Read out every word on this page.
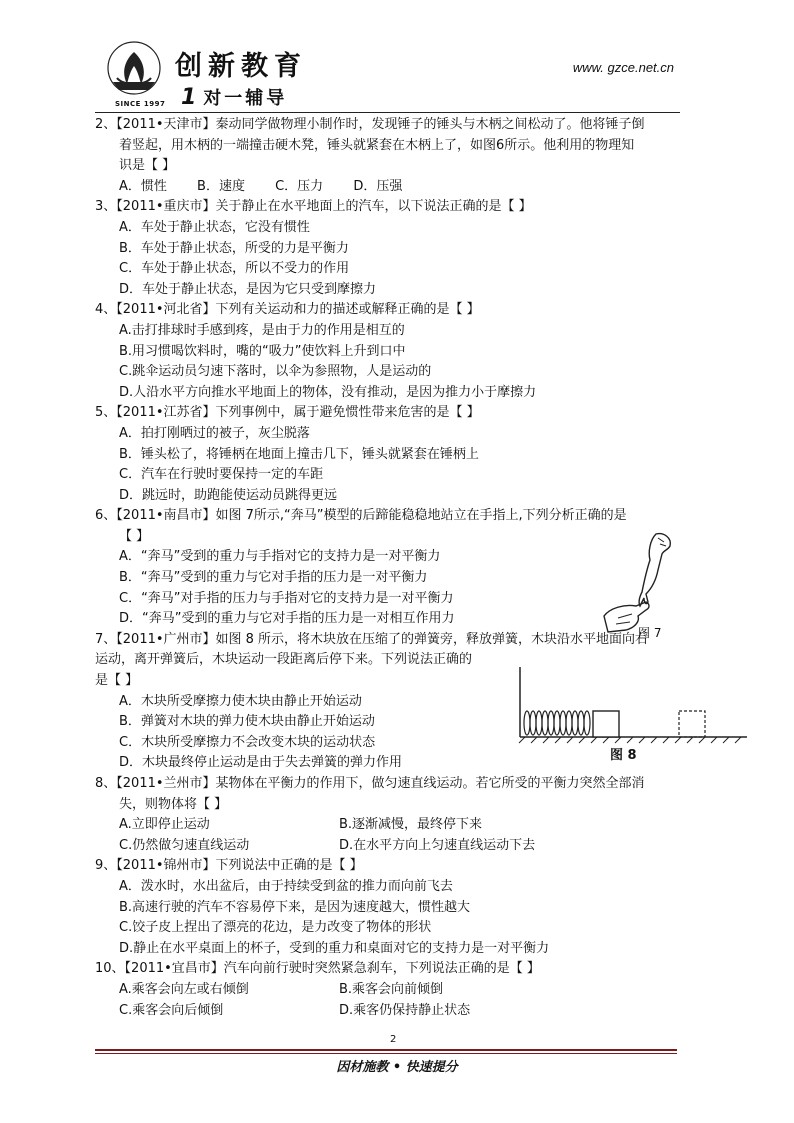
SINCE 1997
创新教育
1 对一辅导
www. gzce.net.cn
2、【2011•天津市】秦动同学做物理小制作时，发现锤子的锤头与木柄之间松动了。他将锤子倒
着竖起，用木柄的一端撞击硬木凳，锤头就紧套在木柄上了，如图6所示。他利用的物理知
识是【 】
A．惯性 B．速度 C．压力 D．压强
3、【2011•重庆市】关于静止在水平地面上的汽车，以下说法正确的是【 】
A．车处于静止状态，它没有惯性
B．车处于静止状态，所受的力是平衡力
C．车处于静止状态，所以不受力的作用
D．车处于静止状态，是因为它只受到摩擦力
4、【2011•河北省】下列有关运动和力的描述或解释正确的是【 】
A.击打排球时手感到疼，是由于力的作用是相互的
B.用习惯喝饮料时，嘴的“吸力”使饮料上升到口中
C.跳伞运动员匀速下落时，以伞为参照物，人是运动的
D.人沿水平方向推水平地面上的物体，没有推动，是因为推力小于摩擦力
5、【2011•江苏省】下列事例中，属于避免惯性带来危害的是【 】
A．拍打刚晒过的被子，灰尘脱落
B．锤头松了，将锤柄在地面上撞击几下，锤头就紧套在锤柄上
C．汽车在行驶时要保持一定的车距
D．跳远时，助跑能使运动员跳得更远
6、【2011•南昌市】如图 7所示,“奔马”模型的后蹄能稳稳地站立在手指上,下列分析正确的是
【 】
A．“奔马”受到的重力与手指对它的支持力是一对平衡力
B．“奔马”受到的重力与它对手指的压力是一对平衡力
C．“奔马”对手指的压力与手指对它的支持力是一对平衡力
D．“奔马”受到的重力与它对手指的压力是一对相互作用力
7、【2011•广州市】如图 8 所示，将木块放在压缩了的弹簧旁，释放弹簧，木块沿水平地面向右
运动，离开弹簧后，木块运动一段距离后停下来。下列说法正确的
是【 】
A．木块所受摩擦力使木块由静止开始运动
B．弹簧对木块的弹力使木块由静止开始运动
C．木块所受摩擦力不会改变木块的运动状态
D．木块最终停止运动是由于失去弹簧的弹力作用
8、【2011•兰州市】某物体在平衡力的作用下，做匀速直线运动。若它所受的平衡力突然全部消
失，则物体将【 】
A.立即停止运动	B.逐渐减慢，最终停下来
C.仍然做匀速直线运动	D.在水平方向上匀速直线运动下去
9、【2011•锦州市】下列说法中正确的是【 】
A．泼水时，水出盆后，由于持续受到盆的推力而向前飞去
B.高速行驶的汽车不容易停下来，是因为速度越大，惯性越大
C.饺子皮上捏出了漂亮的花边，是力改变了物体的形状
D.静止在水平桌面上的杯子，受到的重力和桌面对它的支持力是一对平衡力
10、【2011•宜昌市】汽车向前行驶时突然紧急刹车，下列说法正确的是【 】
A.乘客会向左或右倾倒	B.乘客会向前倾倒
C.乘客会向后倾倒	D.乘客仍保持静止状态
图 7
图 8
2
因材施教 • 快速提分
